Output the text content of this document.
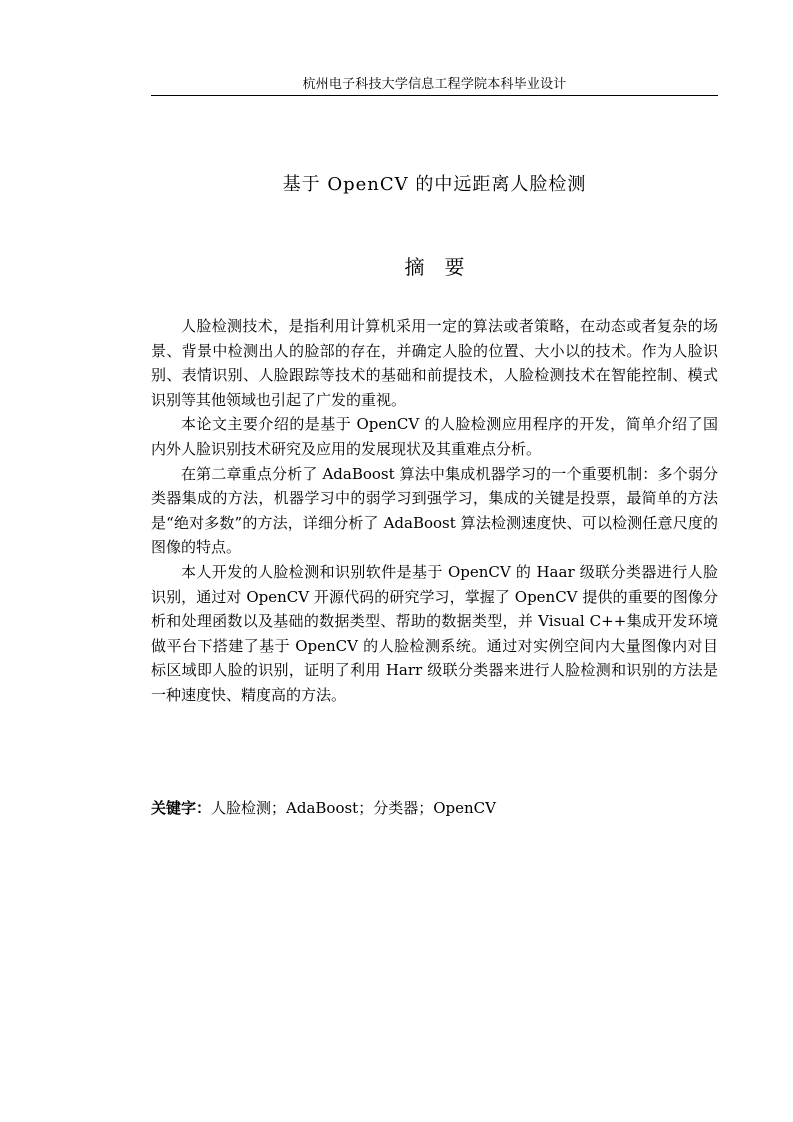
杭州电子科技大学信息工程学院本科毕业设计
基于 OpenCV 的中远距离人脸检测
摘要

人脸检测技术，是指利用计算机采用一定的算法或者策略，在动态或者复杂的场景、背景中检测出人的脸部的存在，并确定人脸的位置、大小以的技术。作为人脸识别、表情识别、人脸跟踪等技术的基础和前提技术，人脸检测技术在智能控制、模式识别等其他领域也引起了广发的重视。

本论文主要介绍的是基于 OpenCV 的人脸检测应用程序的开发，简单介绍了国内外人脸识别技术研究及应用的发展现状及其重难点分析。

在第二章重点分析了 AdaBoost 算法中集成机器学习的一个重要机制：多个弱分类器集成的方法，机器学习中的弱学习到强学习，集成的关键是投票，最简单的方法是“绝对多数”的方法，详细分析了 AdaBoost 算法检测速度快、可以检测任意尺度的图像的特点。

本人开发的人脸检测和识别软件是基于 OpenCV 的 Haar 级联分类器进行人脸识别，通过对 OpenCV 开源代码的研究学习，掌握了 OpenCV 提供的重要的图像分析和处理函数以及基础的数据类型、帮助的数据类型，并 Visual C++集成开发环境做平台下搭建了基于 OpenCV 的人脸检测系统。通过对实例空间内大量图像内对目标区域即人脸的识别，证明了利用 Harr 级联分类器来进行人脸检测和识别的方法是一种速度快、精度高的方法。

关键字：人脸检测；AdaBoost；分类器；OpenCV
